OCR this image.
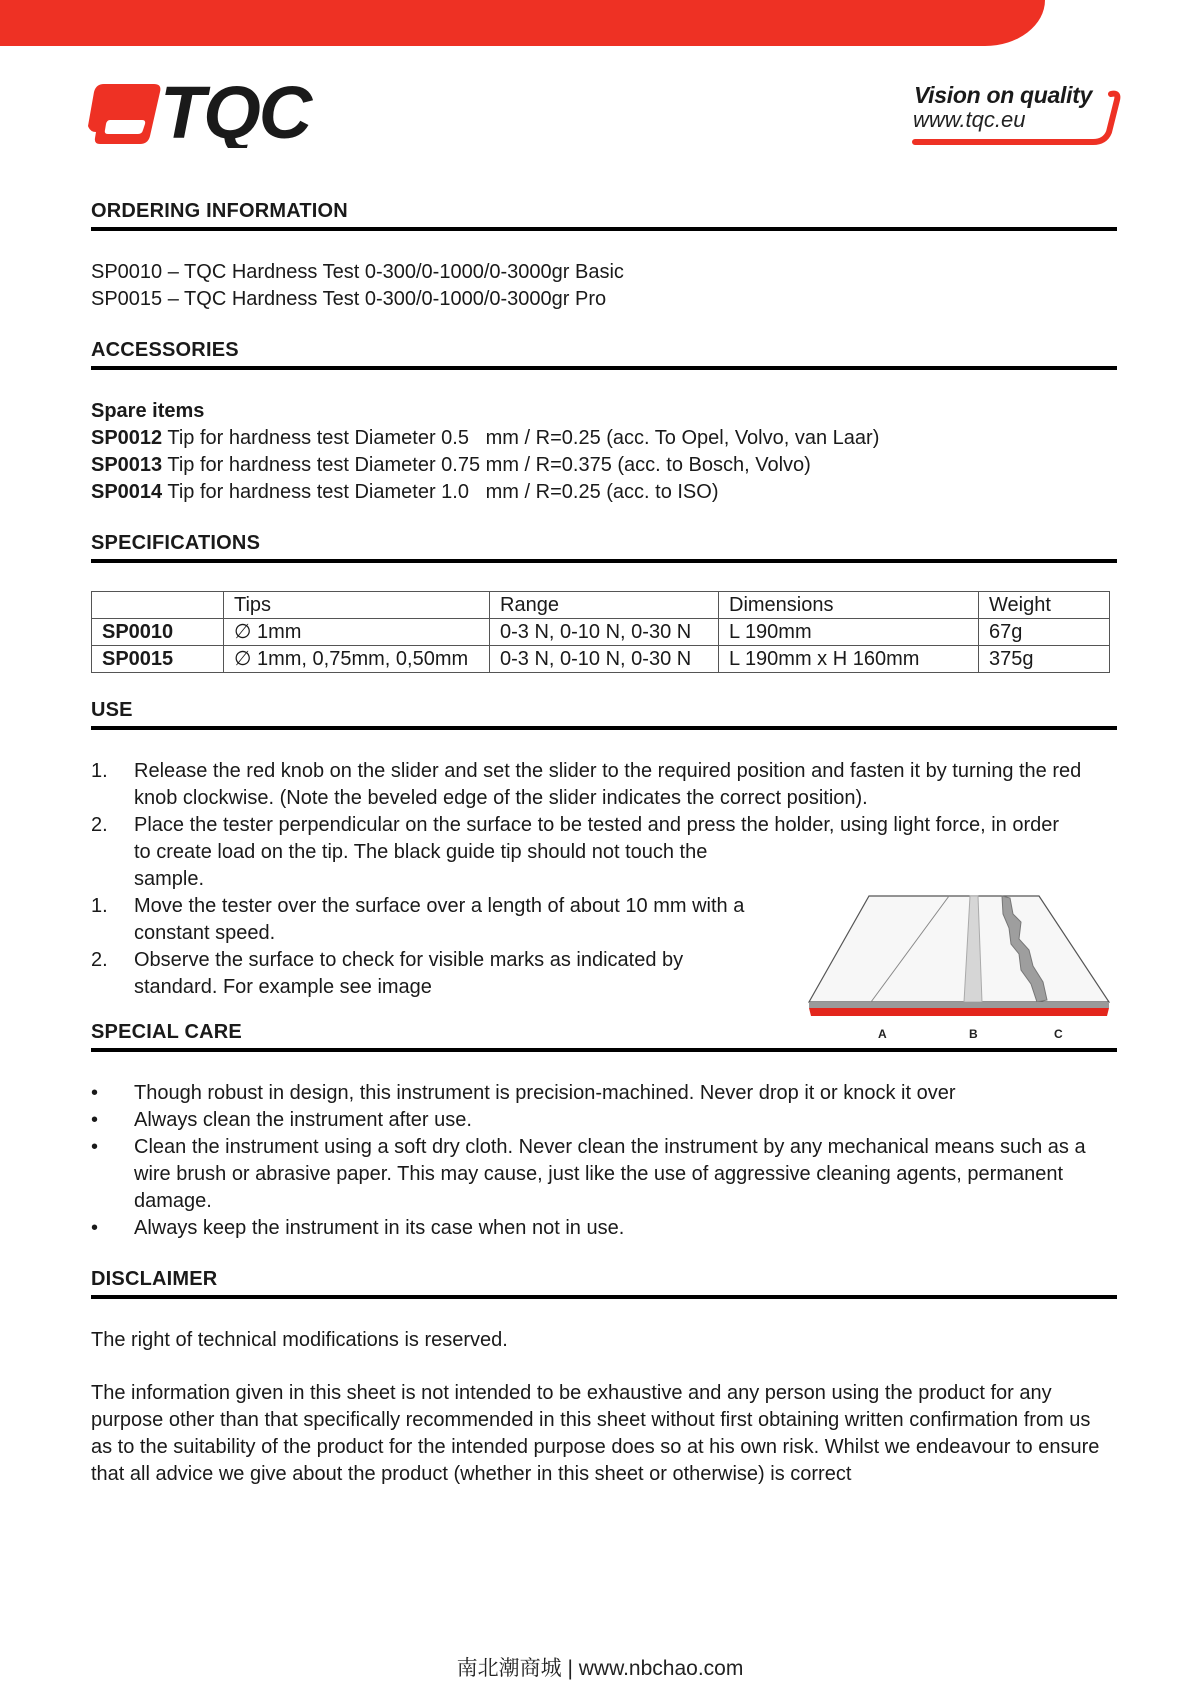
TQC	Vision on quality
www.tqc.eu
ORDERING INFORMATION

SP0010 – TQC Hardness Test 0-300/0-1000/0-3000gr Basic

SP0015 – TQC Hardness Test 0-300/0-1000/0-3000gr Pro

ACCESSORIES

Spare items

SP0012 Tip for hardness test Diameter 0.5   mm / R=0.25 (acc. To Opel, Volvo, van Laar)

SP0013 Tip for hardness test Diameter 0.75 mm / R=0.375 (acc. to Bosch, Volvo)

SP0014 Tip for hardness test Diameter 1.0   mm / R=0.25 (acc. to ISO)

SPECIFICATIONS
	Tips	Range	Dimensions	Weight
SP0010	∅ 1mm	0-3 N, 0-10 N, 0-30 N	L 190mm	67g
SP0015	∅ 1mm, 0,75mm, 0,50mm	0-3 N, 0-10 N, 0-30 N	L 190mm x H 160mm	375g
USE
1.	Release the red knob on the slider and set the slider to the required position and fasten it by turning the red knob clockwise. (Note the beveled edge of the slider indicates the correct position).
2.	Place the tester perpendicular on the surface to be tested and press the holder, using light force, in order
to create load on the tip. The black guide tip should not touch the sample.
1.	Move the tester over the surface over a length of about 10 mm with a constant speed.
2.	Observe the surface to check for visible marks as indicated by standard. For example see image
A	B	C
SPECIAL CARE
•	Though robust in design, this instrument is precision-machined. Never drop it or knock it over
•	Always clean the instrument after use.
•	Clean the instrument using a soft dry cloth. Never clean the instrument by any mechanical means such as a wire brush or abrasive paper. This may cause, just like the use of aggressive cleaning agents, permanent damage.
•	Always keep the instrument in its case when not in use.
DISCLAIMER

The right of technical modifications is reserved.

The information given in this sheet is not intended to be exhaustive and any person using the product for any purpose other than that specifically recommended in this sheet without first obtaining written confirmation from us as to the suitability of the product for the intended purpose does so at his own risk. Whilst we endeavour to ensure that all advice we give about the product (whether in this sheet or otherwise) is correct

南北潮商城 | www.nbchao.com
